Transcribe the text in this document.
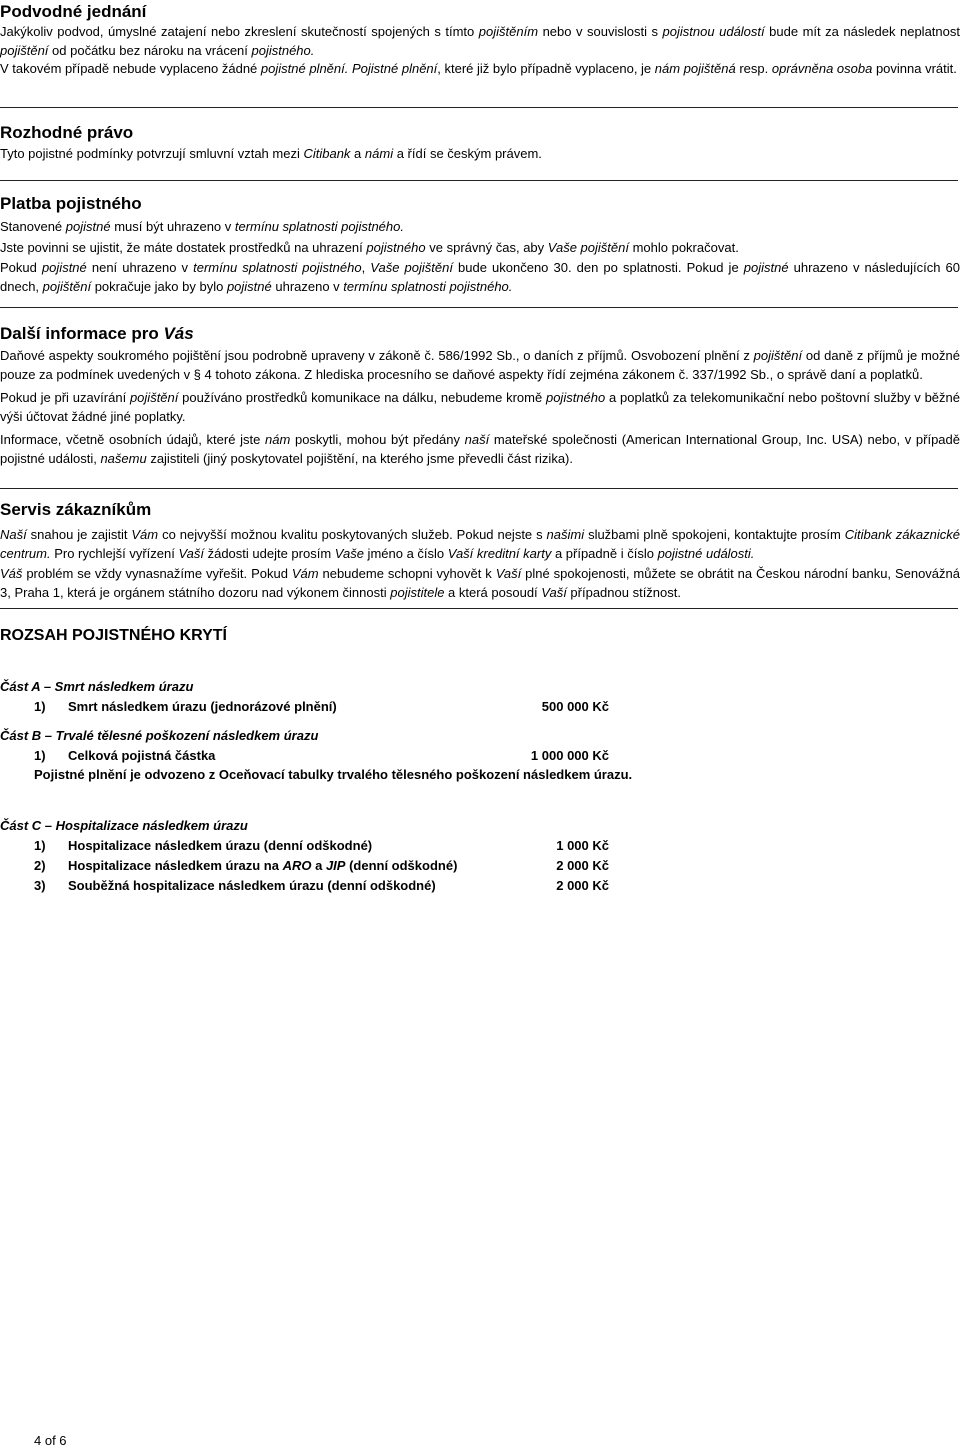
Podvodné jednání

Jakýkoliv podvod, úmyslné zatajení nebo zkreslení skutečností spojených s tímto pojištěním nebo v souvislosti s pojistnou událostí bude mít za následek neplatnost pojištění od počátku bez nároku na vrácení pojistného.

V takovém případě nebude vyplaceno žádné pojistné plnění. Pojistné plnění, které již bylo případně vyplaceno, je nám pojištěná resp. oprávněna osoba povinna vrátit.

Rozhodné právo

Tyto pojistné podmínky potvrzují smluvní vztah mezi Citibank a námi a řídí se českým právem.

Platba pojistného

Stanovené pojistné musí být uhrazeno v termínu splatnosti pojistného.

Jste povinni se ujistit, že máte dostatek prostředků na uhrazení pojistného ve správný čas, aby Vaše pojištění mohlo pokračovat.

Pokud pojistné není uhrazeno v termínu splatnosti pojistného, Vaše pojištění bude ukončeno 30. den po splatnosti. Pokud je pojistné uhrazeno v následujících 60 dnech, pojištění pokračuje jako by bylo pojistné uhrazeno v termínu splatnosti pojistného.

Další informace pro Vás

Daňové aspekty soukromého pojištění jsou podrobně upraveny v zákoně č. 586/1992 Sb., o daních z příjmů. Osvobození plnění z pojištění od daně z příjmů je možné pouze za podmínek uvedených v § 4 tohoto zákona. Z hlediska procesního se daňové aspekty řídí zejména zákonem č. 337/1992 Sb., o správě daní a poplatků.

Pokud je při uzavírání pojištění používáno prostředků komunikace na dálku, nebudeme kromě pojistného a poplatků za telekomunikační nebo poštovní služby v běžné výši účtovat žádné jiné poplatky.

Informace, včetně osobních údajů, které jste nám poskytli, mohou být předány naší mateřské společnosti (American International Group, Inc. USA) nebo, v případě pojistné události, našemu zajistiteli (jiný poskytovatel pojištění, na kterého jsme převedli část rizika).

Servis zákazníkům

Naší snahou je zajistit Vám co nejvyšší možnou kvalitu poskytovaných služeb. Pokud nejste s našimi službami plně spokojeni, kontaktujte prosím Citibank zákaznické centrum. Pro rychlejší vyřízení Vaší žádosti udejte prosím Vaše jméno a číslo Vaší kreditní karty a případně i číslo pojistné události.

Váš problém se vždy vynasnažíme vyřešit. Pokud Vám nebudeme schopni vyhovět k Vaší plné spokojenosti, můžete se obrátit na Českou národní banku, Senovážná 3, Praha 1, která je orgánem státního dozoru nad výkonem činnosti pojistitele a která posoudí Vaší případnou stížnost.

ROZSAH POJISTNÉHO KRYTÍ
Část A – Smrt následkem úrazu
1) Smrt následkem úrazu (jednorázové plnění)	500 000 Kč
Část B – Trvalé tělesné poškození následkem úrazu
1) Celková pojistná částka	1 000 000 Kč
Pojistné plnění je odvozeno z Oceňovací tabulky trvalého tělesného poškození následkem úrazu.
Část C – Hospitalizace následkem úrazu
1) Hospitalizace následkem úrazu (denní odškodné)	1 000 Kč
2) Hospitalizace následkem úrazu na ARO a JIP (denní odškodné)	2 000 Kč
3) Souběžná hospitalizace následkem úrazu (denní odškodné)	2 000 Kč
4 of 6
